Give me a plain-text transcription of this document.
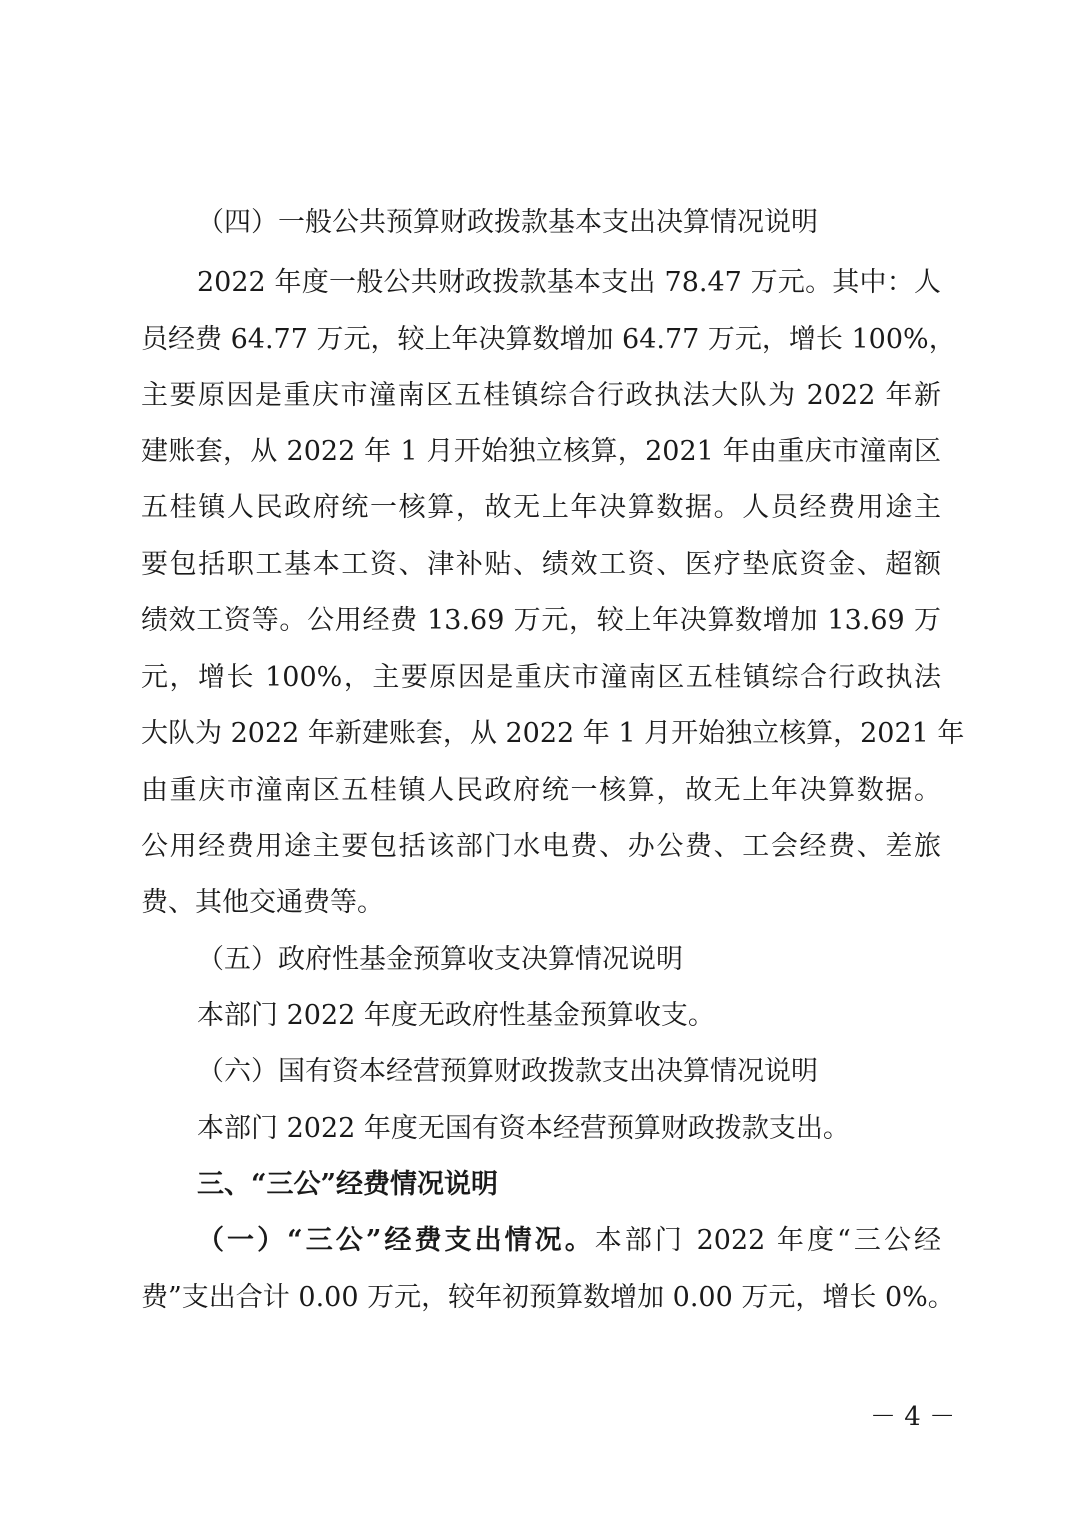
（四）一般公共预算财政拨款基本支出决算情况说明
2022 年度一般公共财政拨款基本支出 78.47 万元。其中：人
员经费 64.77 万元，较上年决算数增加 64.77 万元，增长 100%，
主要原因是重庆市潼南区五桂镇综合行政执法大队为 2022 年新
建账套，从 2022 年 1 月开始独立核算，2021 年由重庆市潼南区
五桂镇人民政府统一核算，故无上年决算数据。人员经费用途主
要包括职工基本工资、津补贴、绩效工资、医疗垫底资金、超额
绩效工资等。公用经费 13.69 万元，较上年决算数增加 13.69 万
元，增长 100%，主要原因是重庆市潼南区五桂镇综合行政执法
大队为 2022 年新建账套，从 2022 年 1 月开始独立核算，2021 年
由重庆市潼南区五桂镇人民政府统一核算，故无上年决算数据。
公用经费用途主要包括该部门水电费、办公费、工会经费、差旅
费、其他交通费等。
（五）政府性基金预算收支决算情况说明
本部门 2022 年度无政府性基金预算收支。
（六）国有资本经营预算财政拨款支出决算情况说明
本部门 2022 年度无国有资本经营预算财政拨款支出。
三、“三公”经费情况说明
（一）“三公”经费支出情况。本部门 2022 年度“三公经
费”支出合计 0.00 万元，较年初预算数增加 0.00 万元，增长 0%。
－ 4 －
